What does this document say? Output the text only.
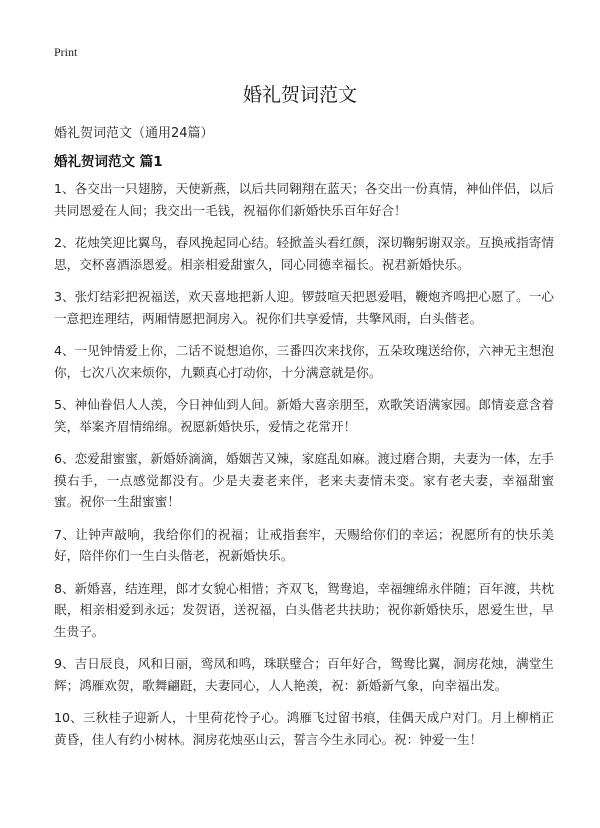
Print
婚礼贺词范文
婚礼贺词范文（通用24篇）
婚礼贺词范文 篇1

1、各交出一只翅膀，天使新燕，以后共同翱翔在蓝天；各交出一份真情，神仙伴侣，以后共同恩爱在人间；我交出一毛钱，祝福你们新婚快乐百年好合！

2、花烛笑迎比翼鸟，春风挽起同心结。轻掀盖头看红颜，深切鞠躬谢双亲。互换戒指寄情思，交杯喜酒添恩爱。相亲相爱甜蜜久，同心同德幸福长。祝君新婚快乐。

3、张灯结彩把祝福送，欢天喜地把新人迎。锣鼓喧天把恩爱唱，鞭炮齐鸣把心愿了。一心一意把连理结，两厢情愿把洞房入。祝你们共享爱情，共擎风雨，白头偕老。

4、一见钟情爱上你，二话不说想追你，三番四次来找你，五朵玫瑰送给你，六神无主想泡你，七次八次来烦你，九颗真心打动你，十分满意就是你。

5、神仙眷侣人人羡，今日神仙到人间。新婚大喜亲朋至，欢歌笑语满家园。郎情妾意含着笑，举案齐眉情绵绵。祝愿新婚快乐，爱情之花常开！

6、恋爱甜蜜蜜，新婚娇滴滴，婚姻苦又辣，家庭乱如麻。渡过磨合期，夫妻为一体，左手摸右手，一点感觉都没有。少是夫妻老来伴，老来夫妻情未变。家有老夫妻，幸福甜蜜蜜。祝你一生甜蜜蜜！

7、让钟声敲响，我给你们的祝福；让戒指套牢，天赐给你们的幸运；祝愿所有的快乐美好，陪伴你们一生白头偕老，祝新婚快乐。

8、新婚喜，结连理，郎才女貌心相惜；齐双飞，鸳鸯追，幸福缠绵永伴随；百年渡，共枕眠，相亲相爱到永远；发贺语，送祝福，白头偕老共扶助；祝你新婚快乐，恩爱生世，早生贵子。

9、吉日辰良，风和日丽，鸾凤和鸣，珠联璧合；百年好合，鸳鸯比翼，洞房花烛，满堂生辉；鸿雁欢贺，歌舞翩跹，夫妻同心，人人艳羡，祝：新婚新气象，向幸福出发。

10、三秋桂子迎新人，十里荷花怜子心。鸿雁飞过留书痕，佳偶天成户对门。月上柳梢正黄昏，佳人有约小树林。洞房花烛巫山云，誓言今生永同心。祝：钟爱一生！
